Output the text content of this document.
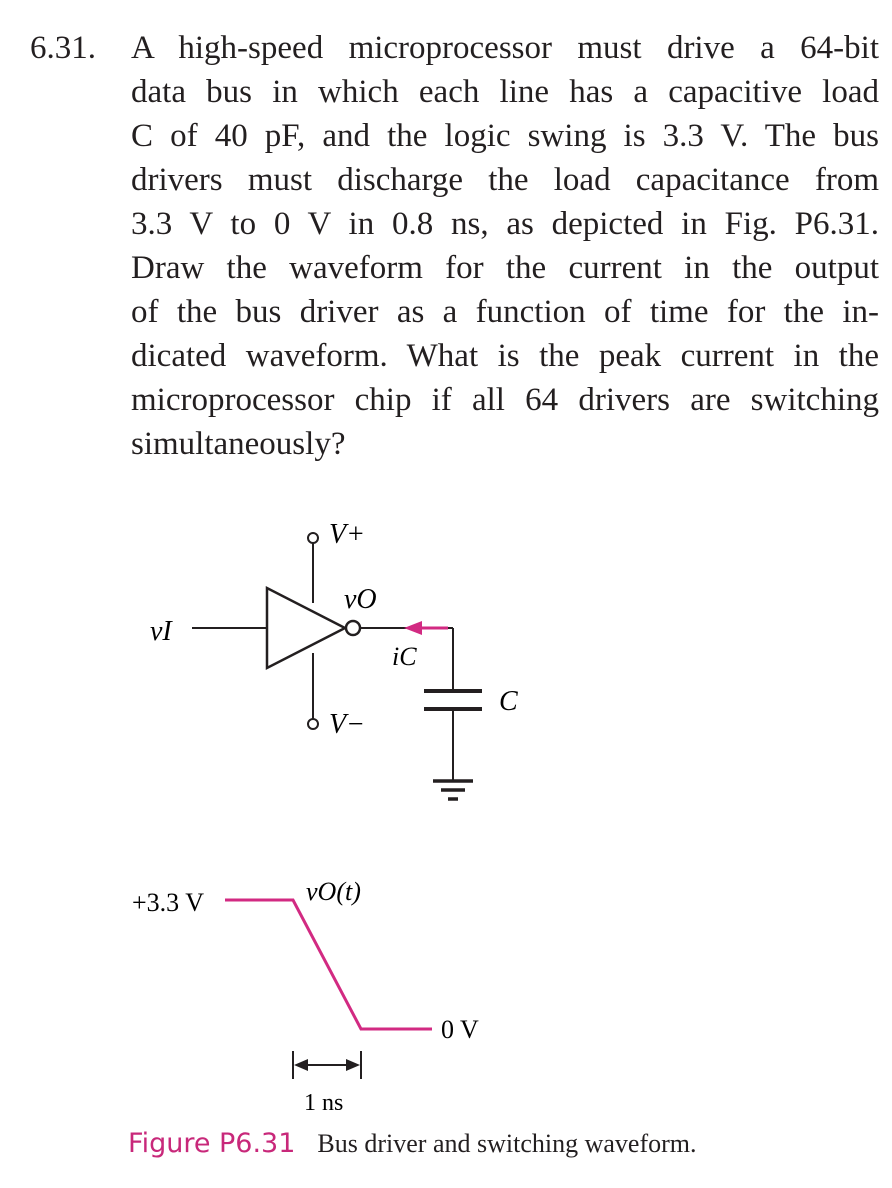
6.31. A high-speed microprocessor must drive a 64-bit
data bus in which each line has a capacitive load
C of 40 pF, and the logic swing is 3.3 V. The bus
drivers must discharge the load capacitance from
3.3 V to 0 V in 0.8 ns, as depicted in Fig. P6.31.
Draw the waveform for the current in the output
of the bus driver as a function of time for the in-
dicated waveform. What is the peak current in the
microprocessor chip if all 64 drivers are switching
simultaneously?
V+
V−
vI
vO
iC
C
+3.3 V
0 V
vO(t)
1 ns
Figure P6.31 Bus driver and switching waveform.
